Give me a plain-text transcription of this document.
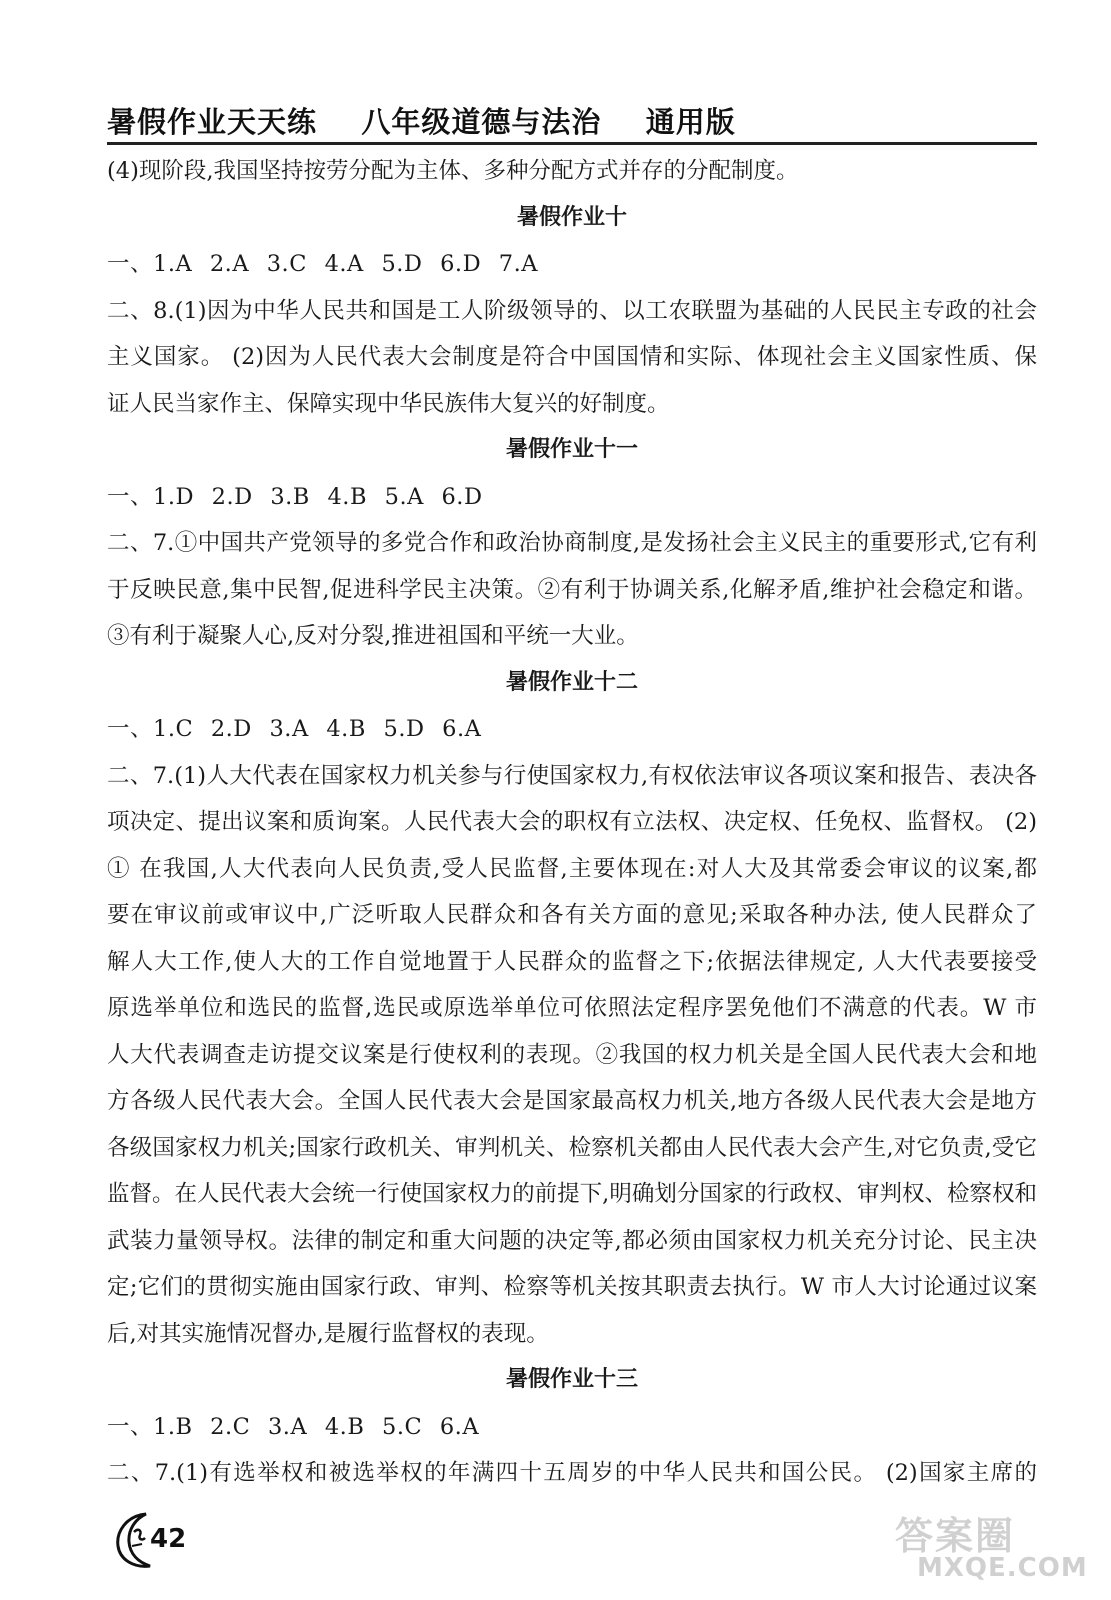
暑假作业天天练    八年级道德与法治    通用版
(4)现阶段,我国坚持按劳分配为主体、多种分配方式并存的分配制度。
暑假作业十
一、1.A 2.A 3.C 4.A 5.D 6.D 7.A
二、8.(1)因为中华人民共和国是工人阶级领导的、以工农联盟为基础的人民民主专政的社会
主义国家。 (2)因为人民代表大会制度是符合中国国情和实际、体现社会主义国家性质、保
证人民当家作主、保障实现中华民族伟大复兴的好制度。
暑假作业十一
一、1.D 2.D 3.B 4.B 5.A 6.D
二、7.①中国共产党领导的多党合作和政治协商制度,是发扬社会主义民主的重要形式,它有利
于反映民意,集中民智,促进科学民主决策。②有利于协调关系,化解矛盾,维护社会稳定和谐。
③有利于凝聚人心,反对分裂,推进祖国和平统一大业。
暑假作业十二
一、1.C 2.D 3.A 4.B 5.D 6.A
二、7.(1)人大代表在国家权力机关参与行使国家权力,有权依法审议各项议案和报告、表决各
项决定、提出议案和质询案。人民代表大会的职权有立法权、决定权、任免权、监督权。 (2)
① 在我国,人大代表向人民负责,受人民监督,主要体现在:对人大及其常委会审议的议案,都
要在审议前或审议中,广泛听取人民群众和各有关方面的意见;采取各种办法, 使人民群众了
解人大工作,使人大的工作自觉地置于人民群众的监督之下;依据法律规定, 人大代表要接受
原选举单位和选民的监督,选民或原选举单位可依照法定程序罢免他们不满意的代表。W 市
人大代表调查走访提交议案是行使权利的表现。②我国的权力机关是全国人民代表大会和地
方各级人民代表大会。全国人民代表大会是国家最高权力机关,地方各级人民代表大会是地方
各级国家权力机关;国家行政机关、审判机关、检察机关都由人民代表大会产生,对它负责,受它
监督。在人民代表大会统一行使国家权力的前提下,明确划分国家的行政权、审判权、检察权和
武装力量领导权。法律的制定和重大问题的决定等,都必须由国家权力机关充分讨论、民主决
定;它们的贯彻实施由国家行政、审判、检察等机关按其职责去执行。W 市人大讨论通过议案
后,对其实施情况督办,是履行监督权的表现。
暑假作业十三
一、1.B 2.C 3.A 4.B 5.C 6.A
二、7.(1)有选举权和被选举权的年满四十五周岁的中华人民共和国公民。 (2)国家主席的
42	答案圈
MXQE.COM
